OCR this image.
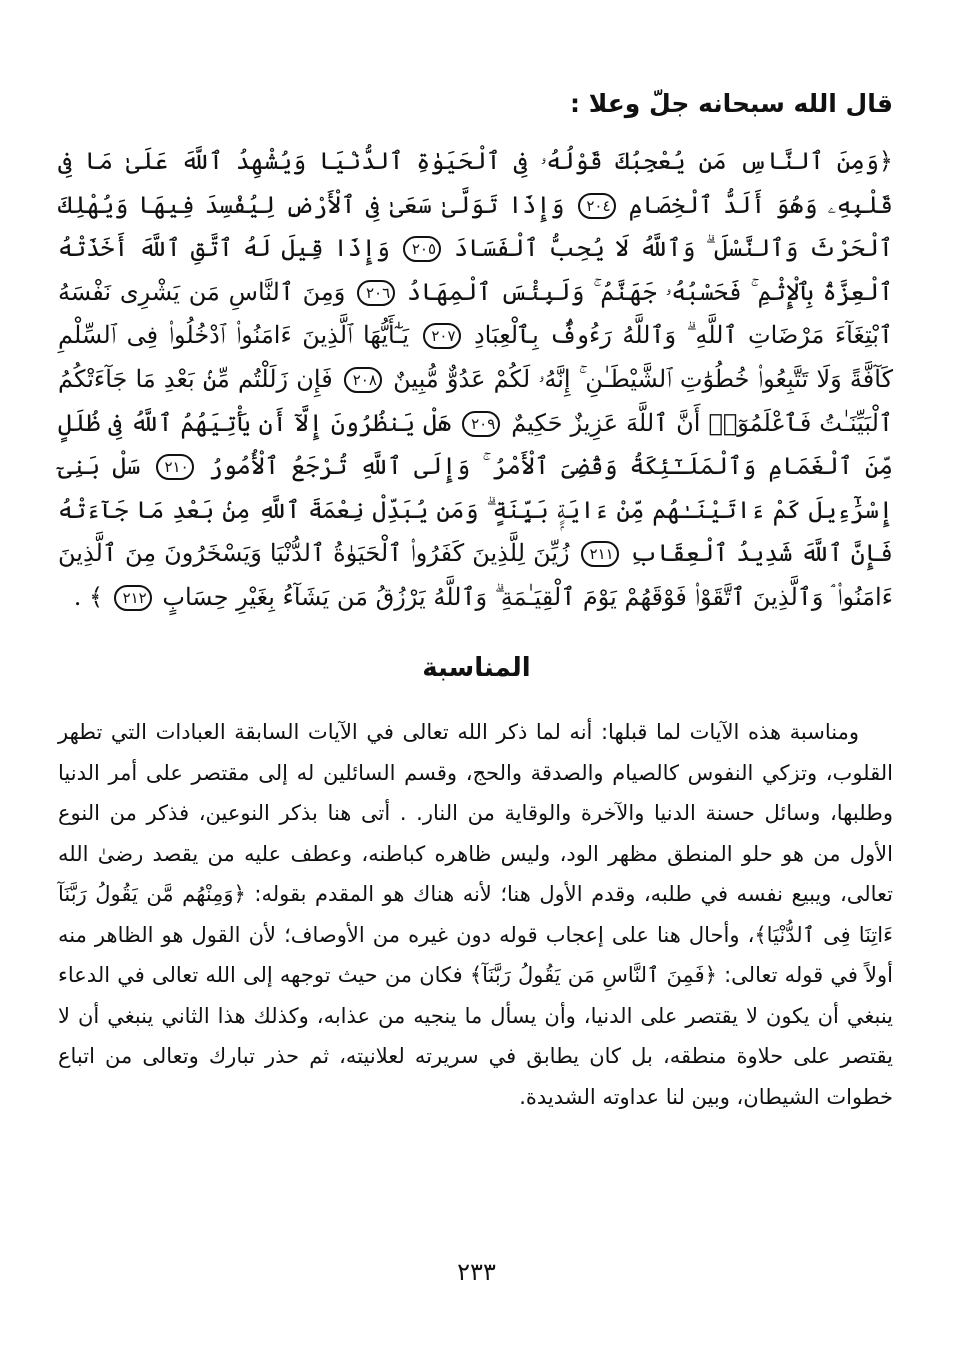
قال الله سبحانه جلّ وعلا :
﴿وَمِنَ ٱلنَّاسِ مَن يُعْجِبُكَ قَوْلُهُۥ فِى ٱلْحَيَوٰةِ ٱلدُّنْيَا وَيُشْهِدُ ٱللَّهَ عَلَىٰ مَا فِى قَلْبِهِۦ وَهُوَ أَلَدُّ ٱلْخِصَامِ ٢٠٤ وَإِذَا تَوَلَّىٰ سَعَىٰ فِى ٱلْأَرْضِ لِيُفْسِدَ فِيهَا وَيُهْلِكَ ٱلْحَرْثَ وَٱلنَّسْلَ ۗ وَٱللَّهُ لَا يُحِبُّ ٱلْفَسَادَ ٢٠٥ وَإِذَا قِيلَ لَهُ ٱتَّقِ ٱللَّهَ أَخَذَتْهُ ٱلْعِزَّةُ بِٱلْإِثْمِ ۚ فَحَسْبُهُۥ جَهَنَّمُ ۚ وَلَبِئْسَ ٱلْمِهَادُ ٢٠٦ وَمِنَ ٱلنَّاسِ مَن يَشْرِى نَفْسَهُ ٱبْتِغَآءَ مَرْضَاتِ ٱللَّهِ ۗ وَٱللَّهُ رَءُوفٌۢ بِٱلْعِبَادِ ٢٠٧ يَـٰٓأَيُّهَا ٱلَّذِينَ ءَامَنُوا۟ ٱدْخُلُوا۟ فِى ٱلسِّلْمِ كَآفَّةً وَلَا تَتَّبِعُوا۟ خُطُوَٰتِ ٱلشَّيْطَـٰنِ ۚ إِنَّهُۥ لَكُمْ عَدُوٌّ مُّبِينٌ ٢٠٨ فَإِن زَلَلْتُم مِّنۢ بَعْدِ مَا جَآءَتْكُمُ ٱلْبَيِّنَـٰتُ فَٱعْلَمُوٓا۟ أَنَّ ٱللَّهَ عَزِيزٌ حَكِيمٌ ٢٠٩ هَلْ يَنظُرُونَ إِلَّآ أَن يَأْتِيَهُمُ ٱللَّهُ فِى ظُلَلٍ مِّنَ ٱلْغَمَامِ وَٱلْمَلَـٰٓئِكَةُ وَقُضِىَ ٱلْأَمْرُ ۚ وَإِلَى ٱللَّهِ تُرْجَعُ ٱلْأُمُورُ ٢١٠ سَلْ بَنِىٓ إِسْرَٰٓءِيلَ كَمْ ءَاتَيْنَـٰهُم مِّنْ ءَايَةٍۭ بَيِّنَةٍ ۗ وَمَن يُبَدِّلْ نِعْمَةَ ٱللَّهِ مِنۢ بَعْدِ مَا جَآءَتْهُ فَإِنَّ ٱللَّهَ شَدِيدُ ٱلْعِقَابِ ٢١١ زُيِّنَ لِلَّذِينَ كَفَرُوا۟ ٱلْحَيَوٰةُ ٱلدُّنْيَا وَيَسْخَرُونَ مِنَ ٱلَّذِينَ ءَامَنُوا۟ ۘ وَٱلَّذِينَ ٱتَّقَوْا۟ فَوْقَهُمْ يَوْمَ ٱلْقِيَـٰمَةِ ۗ وَٱللَّهُ يَرْزُقُ مَن يَشَآءُ بِغَيْرِ حِسَابٍ ٢١٢ ﴾ .
المناسبة

ومناسبة هذه الآيات لما قبلها: أنه لما ذكر الله تعالى في الآيات السابقة العبادات التي تطهر القلوب، وتزكي النفوس كالصيام والصدقة والحج، وقسم السائلين له إلى مقتصر على أمر الدنيا وطلبها، وسائل حسنة الدنيا والآخرة والوقاية من النار. . أتى هنا بذكر النوعين، فذكر من النوع الأول من هو حلو المنطق مظهر الود، وليس ظاهره كباطنه، وعطف عليه من يقصد رضىٰ الله تعالى، ويبيع نفسه في طلبه، وقدم الأول هنا؛ لأنه هناك هو المقدم بقوله: ﴿وَمِنْهُم مَّن يَقُولُ رَبَّنَآ ءَاتِنَا فِى ٱلدُّنْيَا﴾، وأحال هنا على إعجاب قوله دون غيره من الأوصاف؛ لأن القول هو الظاهر منه أولاً في قوله تعالى: ﴿فَمِنَ ٱلنَّاسِ مَن يَقُولُ رَبَّنَآ﴾ فكان من حيث توجهه إلى الله تعالى في الدعاء ينبغي أن يكون لا يقتصر على الدنيا، وأن يسأل ما ينجيه من عذابه، وكذلك هذا الثاني ينبغي أن لا يقتصر على حلاوة منطقه، بل كان يطابق في سريرته لعلانيته، ثم حذر تبارك وتعالى من اتباع خطوات الشيطان، وبين لنا عداوته الشديدة.

٢٣٣
